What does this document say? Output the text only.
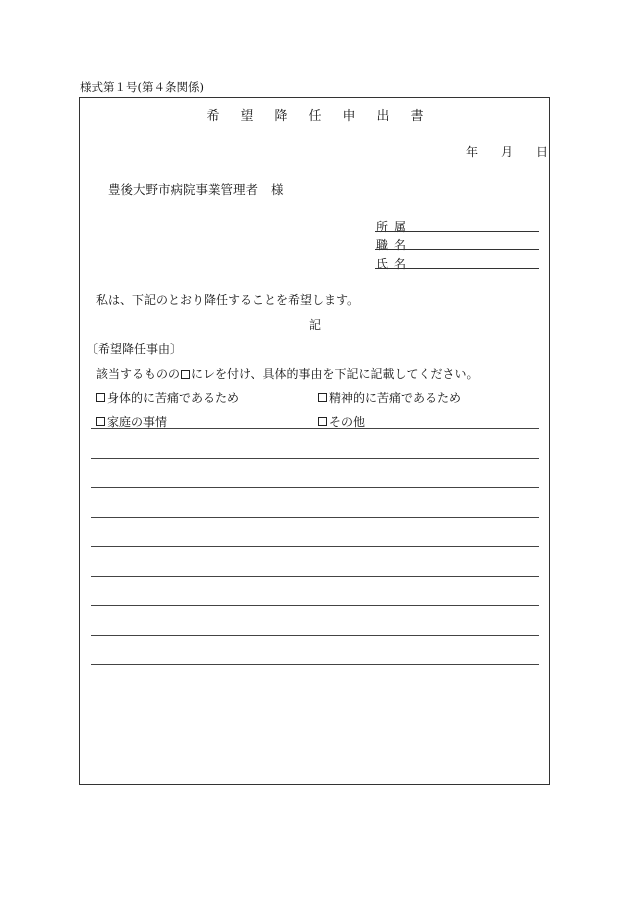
様式第１号(第４条関係)
希望降任申出書
年 月 日
豊後大野市病院事業管理者 様
所属
職名
氏名
私は、下記のとおり降任することを希望します。
記
〔希望降任事由〕
該当するものの にレを付け、具体的事由を下記に記載してください。
身体的に苦痛であるため	精神的に苦痛であるため
家庭の事情	その他
